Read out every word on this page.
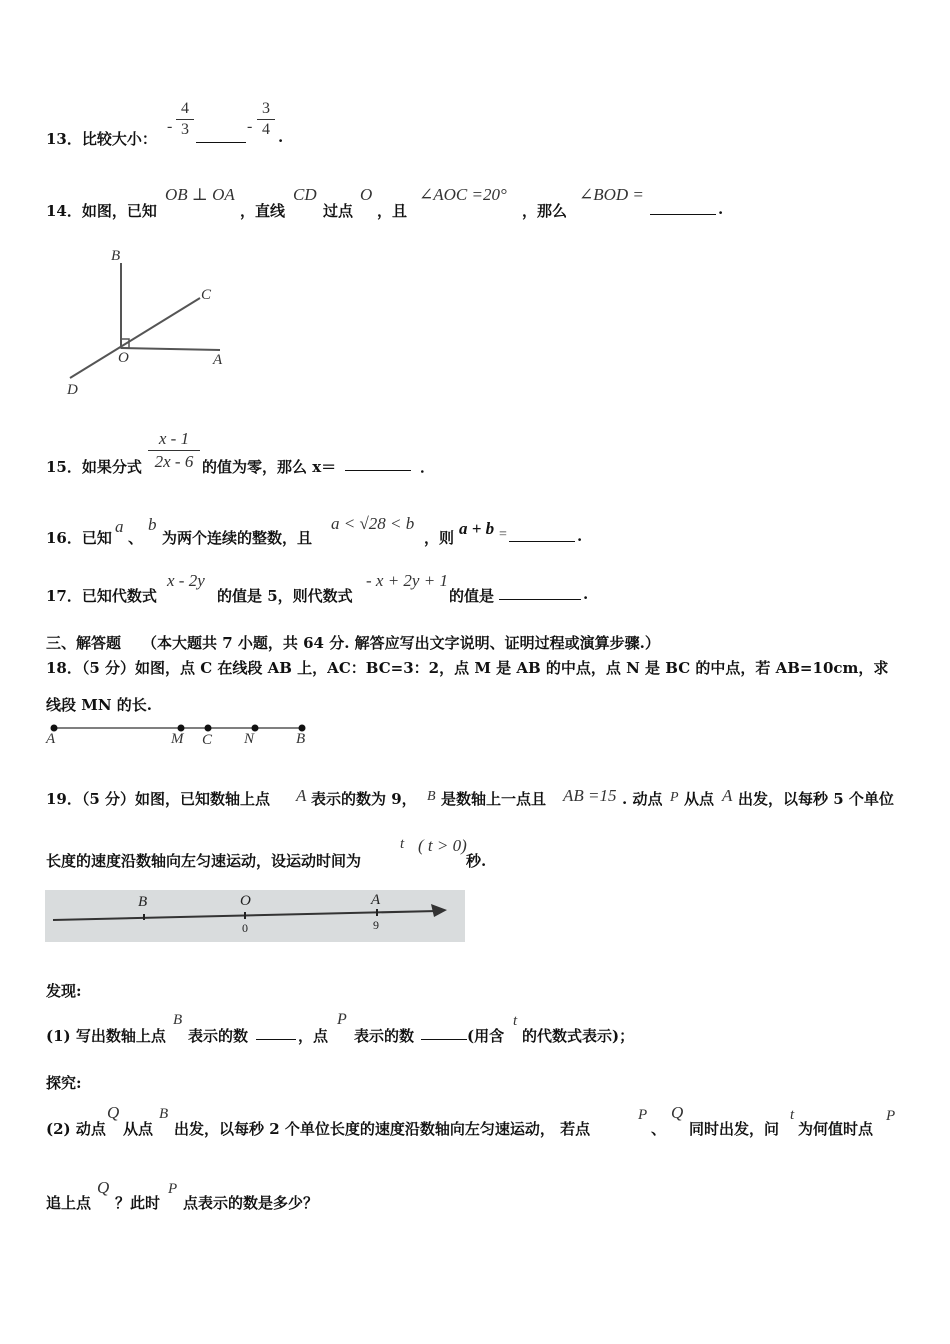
13．比较大小：
-
4
3	-
3
4 .
14．如图，已知
OB ⊥ OA
，直线
CD
过点
O
，且
∠AOC =20°
，那么
∠BOD =
.
B
C
O	A
D
15．如果分式
x - 1
2x - 6 的值为零，那么 x＝	．
16．已知
a
、
b
为两个连续的整数，且
a < √28 < b
，则 a + b =	.
17．已知代数式
x - 2y
的值是 5，则代数式
- x + 2y + 1
的值是	.
三、解答题 （本大题共 7 小题，共 64 分. 解答应写出文字说明、证明过程或演算步骤.）
18．（5 分）如图，点 C 在线段 AB 上，AC：BC=3：2，点 M 是 AB 的中点，点 N 是 BC 的中点，若 AB=10cm，求
线段 MN 的长.
A	M C N	B
19．（5 分）如图，已知数轴上点 A 表示的数为 9， B 是数轴上一点且 AB =15 . 动点 P 从点 A 出发，以每秒 5 个单位
长度的速度沿数轴向左匀速运动，设运动时间为
t ( t > 0)
秒.
B	O	A
0	9
发现:
(1) 写出数轴上点
B
表示的数	，点
P
表示的数	(用含
t
的代数式表示)；
探究:
(2) 动点
Q
从点
B
出发，以每秒 2 个单位长度的速度沿数轴向左匀速运动， 若点
P
、
Q
同时出发，问
t
为何值时点
P
追上点
Q
？此时
P
点表示的数是多少？
